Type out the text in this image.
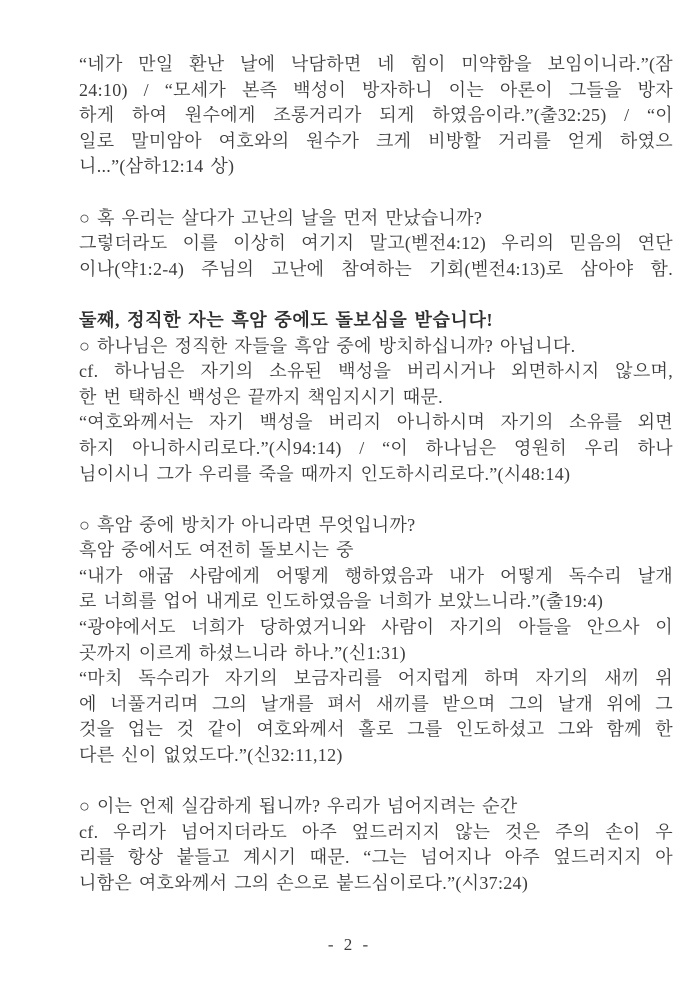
“네가 만일 환난 날에 낙담하면 네 힘이 미약함을 보임이니라.”(잠
24:10) / “모세가 본즉 백성이 방자하니 이는 아론이 그들을 방자
하게 하여 원수에게 조롱거리가 되게 하였음이라.”(출32:25) / “이
일로 말미암아 여호와의 원수가 크게 비방할 거리를 얻게 하였으
니...”(삼하12:14 상)
○ 혹 우리는 살다가 고난의 날을 먼저 만났습니까?
그렇더라도 이를 이상히 여기지 말고(벧전4:12) 우리의 믿음의 연단
이나(약1:2-4) 주님의 고난에 참여하는 기회(벧전4:13)로 삼아야 함.
둘째, 정직한 자는 흑암 중에도 돌보심을 받습니다!
○ 하나님은 정직한 자들을 흑암 중에 방치하십니까? 아닙니다.
cf. 하나님은 자기의 소유된 백성을 버리시거나 외면하시지 않으며,
한 번 택하신 백성은 끝까지 책임지시기 때문.
“여호와께서는 자기 백성을 버리지 아니하시며 자기의 소유를 외면
하지 아니하시리로다.”(시94:14) / “이 하나님은 영원히 우리 하나
님이시니 그가 우리를 죽을 때까지 인도하시리로다.”(시48:14)
○ 흑암 중에 방치가 아니라면 무엇입니까?
흑암 중에서도 여전히 돌보시는 중
“내가 애굽 사람에게 어떻게 행하였음과 내가 어떻게 독수리 날개
로 너희를 업어 내게로 인도하였음을 너희가 보았느니라.”(출19:4)
“광야에서도 너희가 당하였거니와 사람이 자기의 아들을 안으사 이
곳까지 이르게 하셨느니라 하나.”(신1:31)
“마치 독수리가 자기의 보금자리를 어지럽게 하며 자기의 새끼 위
에 너풀거리며 그의 날개를 펴서 새끼를 받으며 그의 날개 위에 그
것을 업는 것 같이 여호와께서 홀로 그를 인도하셨고 그와 함께 한
다른 신이 없었도다.”(신32:11,12)
○ 이는 언제 실감하게 됩니까? 우리가 넘어지려는 순간
cf. 우리가 넘어지더라도 아주 엎드러지지 않는 것은 주의 손이 우
리를 항상 붙들고 계시기 때문. “그는 넘어지나 아주 엎드러지지 아
니함은 여호와께서 그의 손으로 붙드심이로다.”(시37:24)
- 2 -
